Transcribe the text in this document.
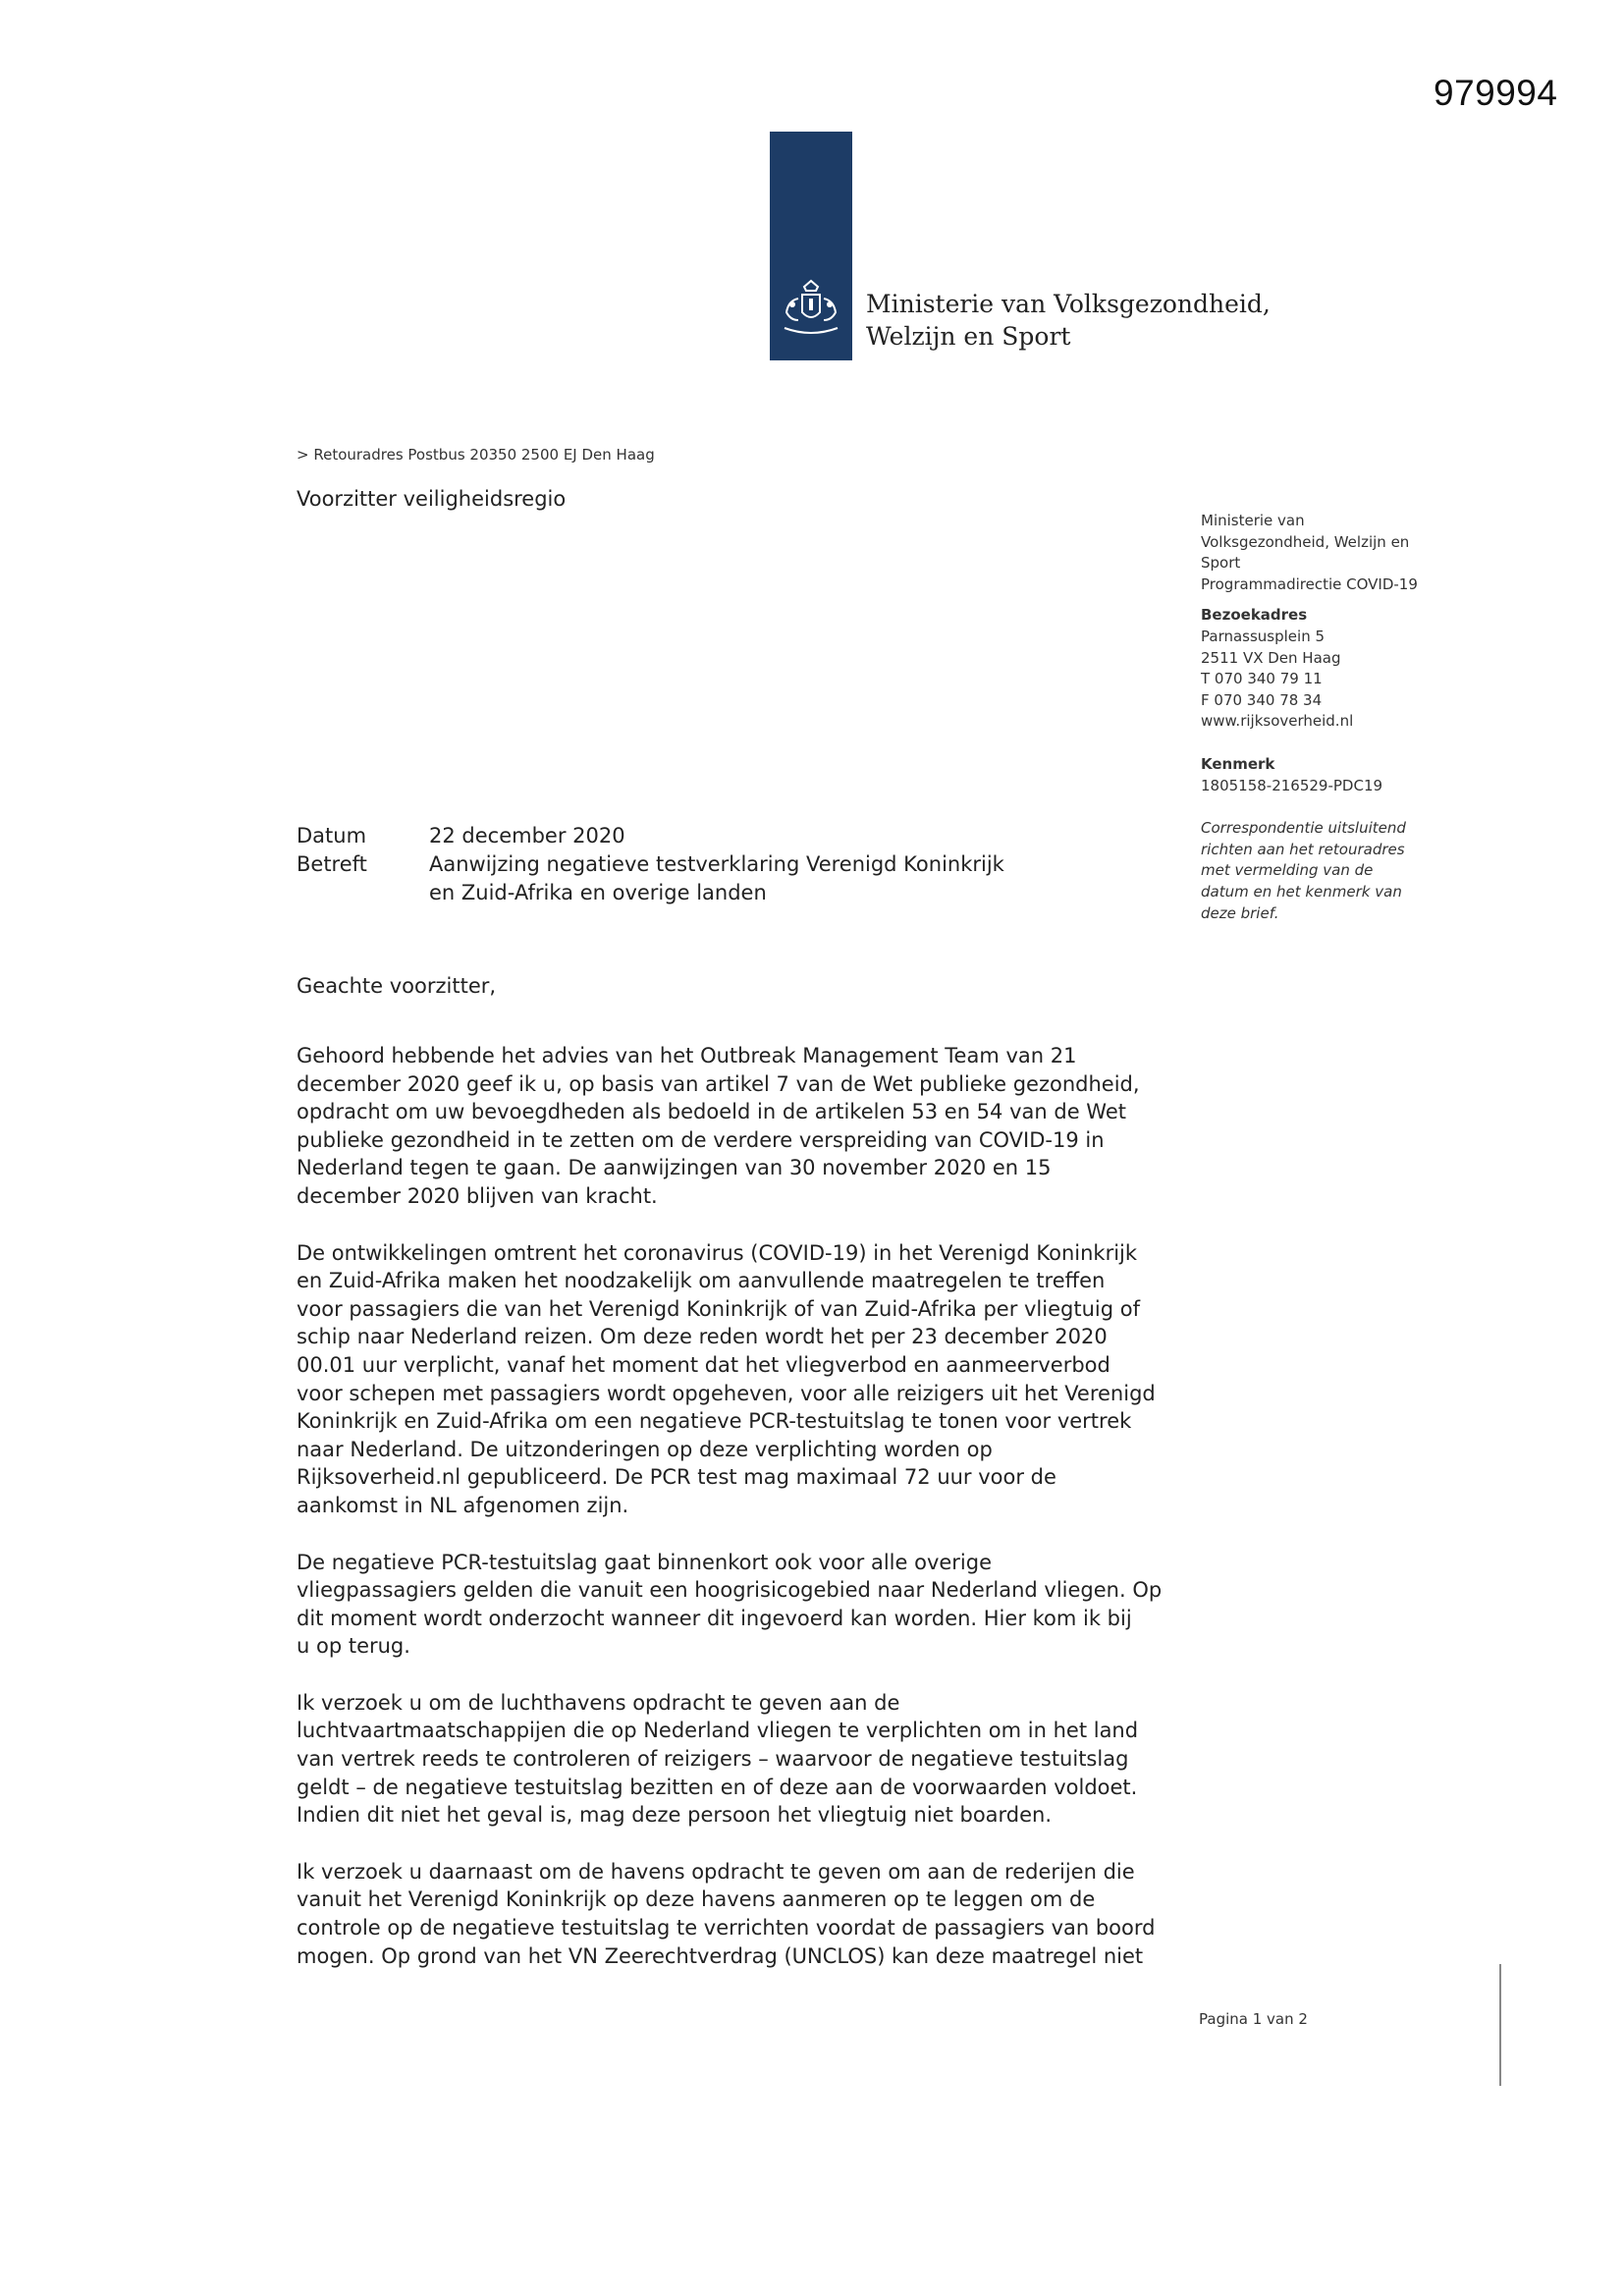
979994
Ministerie van Volksgezondheid,
Welzijn en Sport
> Retouradres Postbus 20350 2500 EJ Den Haag
Voorzitter veiligheidsregio
Ministerie van
Volksgezondheid, Welzijn en
Sport
Programmadirectie COVID-19
Bezoekadres
Parnassusplein 5
2511 VX Den Haag
T 070 340 79 11
F 070 340 78 34
www.rijksoverheid.nl
Kenmerk
1805158-216529-PDC19
Correspondentie uitsluitend
richten aan het retouradres
met vermelding van de
datum en het kenmerk van
deze brief.
Datum	22 december 2020
Betreft	Aanwijzing negatieve testverklaring Verenigd Koninkrijk
en Zuid-Afrika en overige landen
Geachte voorzitter,

Gehoord hebbende het advies van het Outbreak Management Team van 21
december 2020 geef ik u, op basis van artikel 7 van de Wet publieke gezondheid,
opdracht om uw bevoegdheden als bedoeld in de artikelen 53 en 54 van de Wet
publieke gezondheid in te zetten om de verdere verspreiding van COVID-19 in
Nederland tegen te gaan. De aanwijzingen van 30 november 2020 en 15
december 2020 blijven van kracht.

De ontwikkelingen omtrent het coronavirus (COVID-19) in het Verenigd Koninkrijk
en Zuid-Afrika maken het noodzakelijk om aanvullende maatregelen te treffen
voor passagiers die van het Verenigd Koninkrijk of van Zuid-Afrika per vliegtuig of
schip naar Nederland reizen. Om deze reden wordt het per 23 december 2020
00.01 uur verplicht, vanaf het moment dat het vliegverbod en aanmeerverbod
voor schepen met passagiers wordt opgeheven, voor alle reizigers uit het Verenigd
Koninkrijk en Zuid-Afrika om een negatieve PCR-testuitslag te tonen voor vertrek
naar Nederland. De uitzonderingen op deze verplichting worden op
Rijksoverheid.nl gepubliceerd. De PCR test mag maximaal 72 uur voor de
aankomst in NL afgenomen zijn.

De negatieve PCR-testuitslag gaat binnenkort ook voor alle overige
vliegpassagiers gelden die vanuit een hoogrisicogebied naar Nederland vliegen. Op
dit moment wordt onderzocht wanneer dit ingevoerd kan worden. Hier kom ik bij
u op terug.

Ik verzoek u om de luchthavens opdracht te geven aan de
luchtvaartmaatschappijen die op Nederland vliegen te verplichten om in het land
van vertrek reeds te controleren of reizigers – waarvoor de negatieve testuitslag
geldt – de negatieve testuitslag bezitten en of deze aan de voorwaarden voldoet.
Indien dit niet het geval is, mag deze persoon het vliegtuig niet boarden.

Ik verzoek u daarnaast om de havens opdracht te geven om aan de rederijen die
vanuit het Verenigd Koninkrijk op deze havens aanmeren op te leggen om de
controle op de negatieve testuitslag te verrichten voordat de passagiers van boord
mogen. Op grond van het VN Zeerechtverdrag (UNCLOS) kan deze maatregel niet

Pagina 1 van 2
